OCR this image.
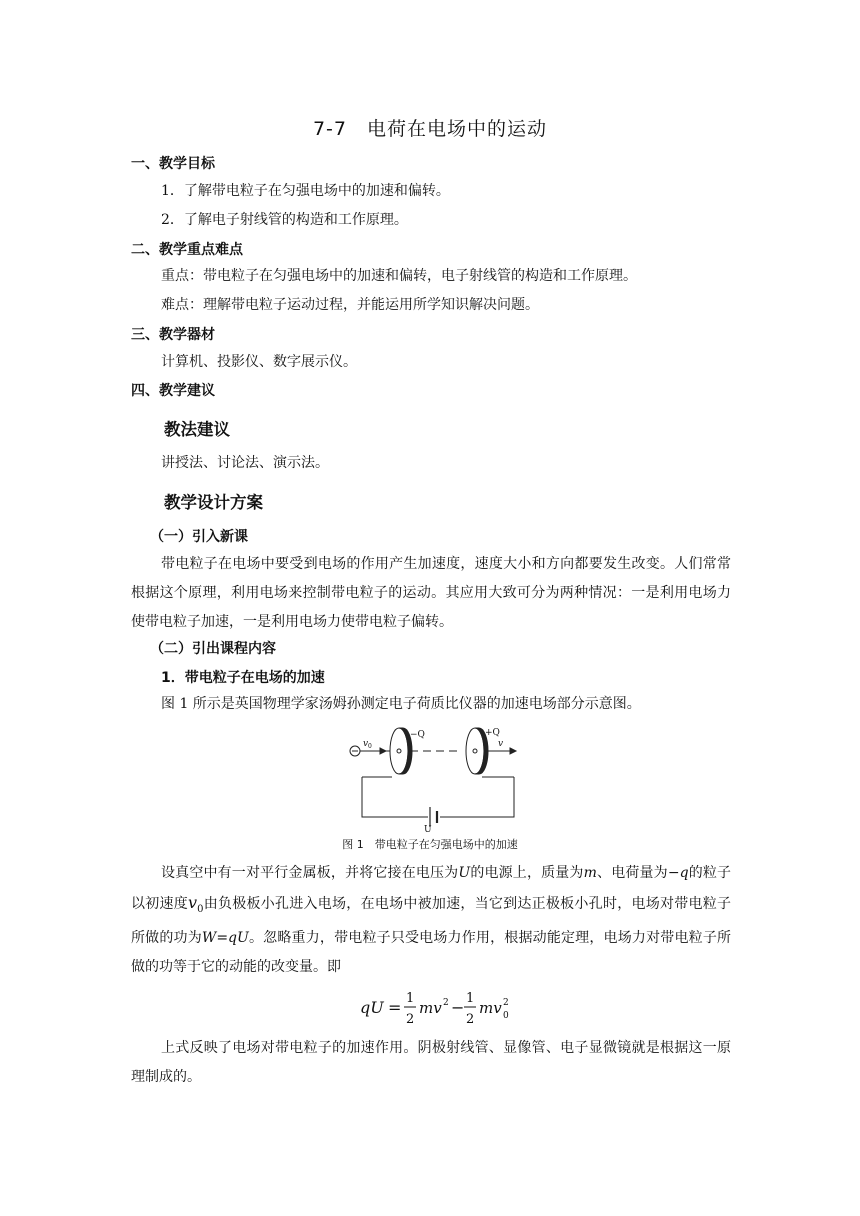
7-7　电荷在电场中的运动
一、教学目标
1．了解带电粒子在匀强电场中的加速和偏转。
2．了解电子射线管的构造和工作原理。
二、教学重点难点
重点：带电粒子在匀强电场中的加速和偏转，电子射线管的构造和工作原理。
难点：理解带电粒子运动过程，并能运用所学知识解决问题。
三、教学器材
计算机、投影仪、数字展示仪。
四、教学建议
教法建议
讲授法、讨论法、演示法。
教学设计方案
（一）引入新课
带电粒子在电场中要受到电场的作用产生加速度，速度大小和方向都要发生改变。人们常常根据这个原理，利用电场来控制带电粒子的运动。其应用大致可分为两种情况：一是利用电场力使带电粒子加速，一是利用电场力使带电粒子偏转。
（二）引出课程内容
1．带电粒子在电场的加速
图 1 所示是英国物理学家汤姆孙测定电子荷质比仪器的加速电场部分示意图。
v 0
−Q	+Q
v
U
图 1　带电粒子在匀强电场中的加速
设真空中有一对平行金属板，并将它接在电压为U的电源上，质量为m、电荷量为−q的粒子以初速度$v_0$由负极板小孔进入电场，在电场中被加速，当它到达正极板小孔时，电场对带电粒子所做的功为W=qU。忽略重力，带电粒子只受电场力作用，根据动能定理，电场力对带电粒子所做的功等于它的动能的改变量。即
qU = 1
2
mv 2 − 1
2
mv 2
0
上式反映了电场对带电粒子的加速作用。阴极射线管、显像管、电子显微镜就是根据这一原理制成的。
